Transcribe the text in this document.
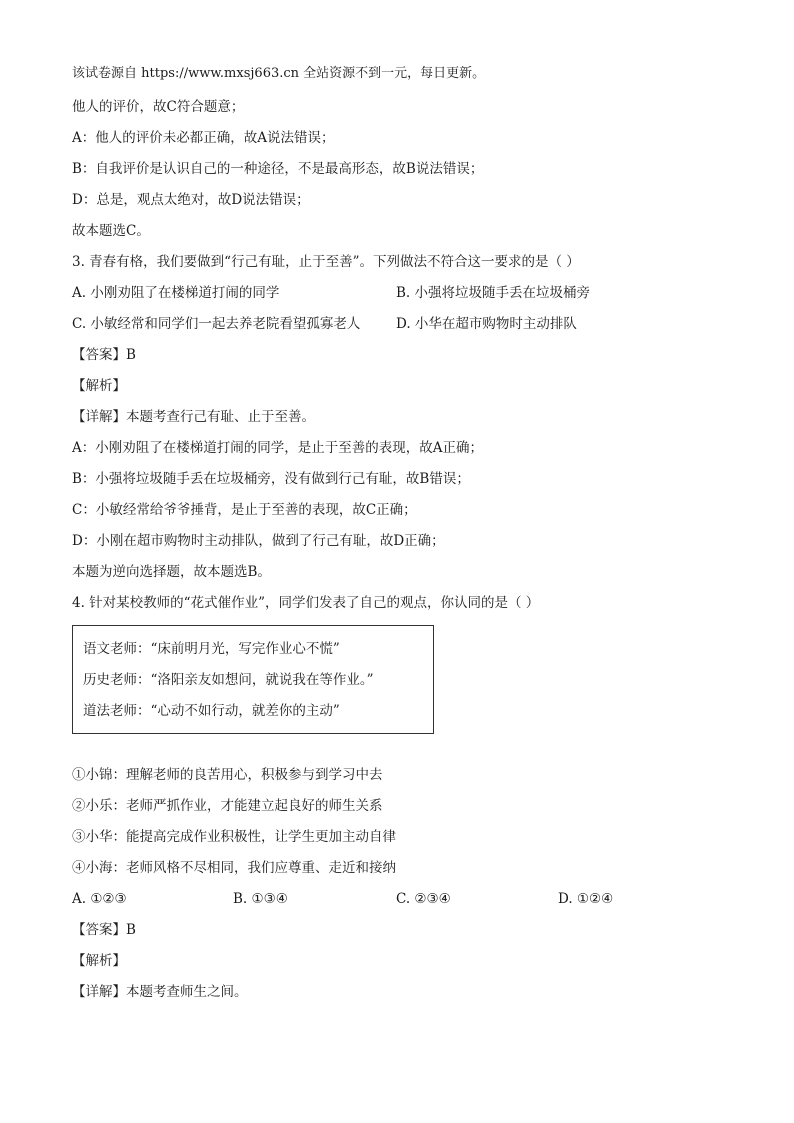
该试卷源自 https://www.mxsj663.cn 全站资源不到一元，每日更新。
他人的评价，故C符合题意；
A：他人的评价未必都正确，故A说法错误；
B：自我评价是认识自己的一种途径，不是最高形态，故B说法错误；
D：总是，观点太绝对，故D说法错误；
故本题选C。
3. 青春有格，我们要做到“行己有耻，止于至善”。下列做法不符合这一要求的是（ ）
A. 小刚劝阻了在楼梯道打闹的同学	B. 小强将垃圾随手丢在垃圾桶旁
C. 小敏经常和同学们一起去养老院看望孤寡老人	D. 小华在超市购物时主动排队
【答案】B
【解析】
【详解】本题考查行己有耻、止于至善。
A：小刚劝阻了在楼梯道打闹的同学，是止于至善的表现，故A正确；
B：小强将垃圾随手丢在垃圾桶旁，没有做到行己有耻，故B错误；
C：小敏经常给爷爷捶背，是止于至善的表现，故C正确；
D：小刚在超市购物时主动排队，做到了行己有耻，故D正确；
本题为逆向选择题，故本题选B。
4. 针对某校教师的“花式催作业”，同学们发表了自己的观点，你认同的是（ ）
语文老师：“床前明月光，写完作业心不慌”
历史老师：“洛阳亲友如想问，就说我在等作业。”
道法老师：“心动不如行动，就差你的主动”
①小锦：理解老师的良苦用心，积极参与到学习中去
②小乐：老师严抓作业，才能建立起良好的师生关系
③小华：能提高完成作业积极性，让学生更加主动自律
④小海：老师风格不尽相同，我们应尊重、走近和接纳
A. ①②③	B. ①③④	C. ②③④	D. ①②④
【答案】B
【解析】
【详解】本题考查师生之间。
